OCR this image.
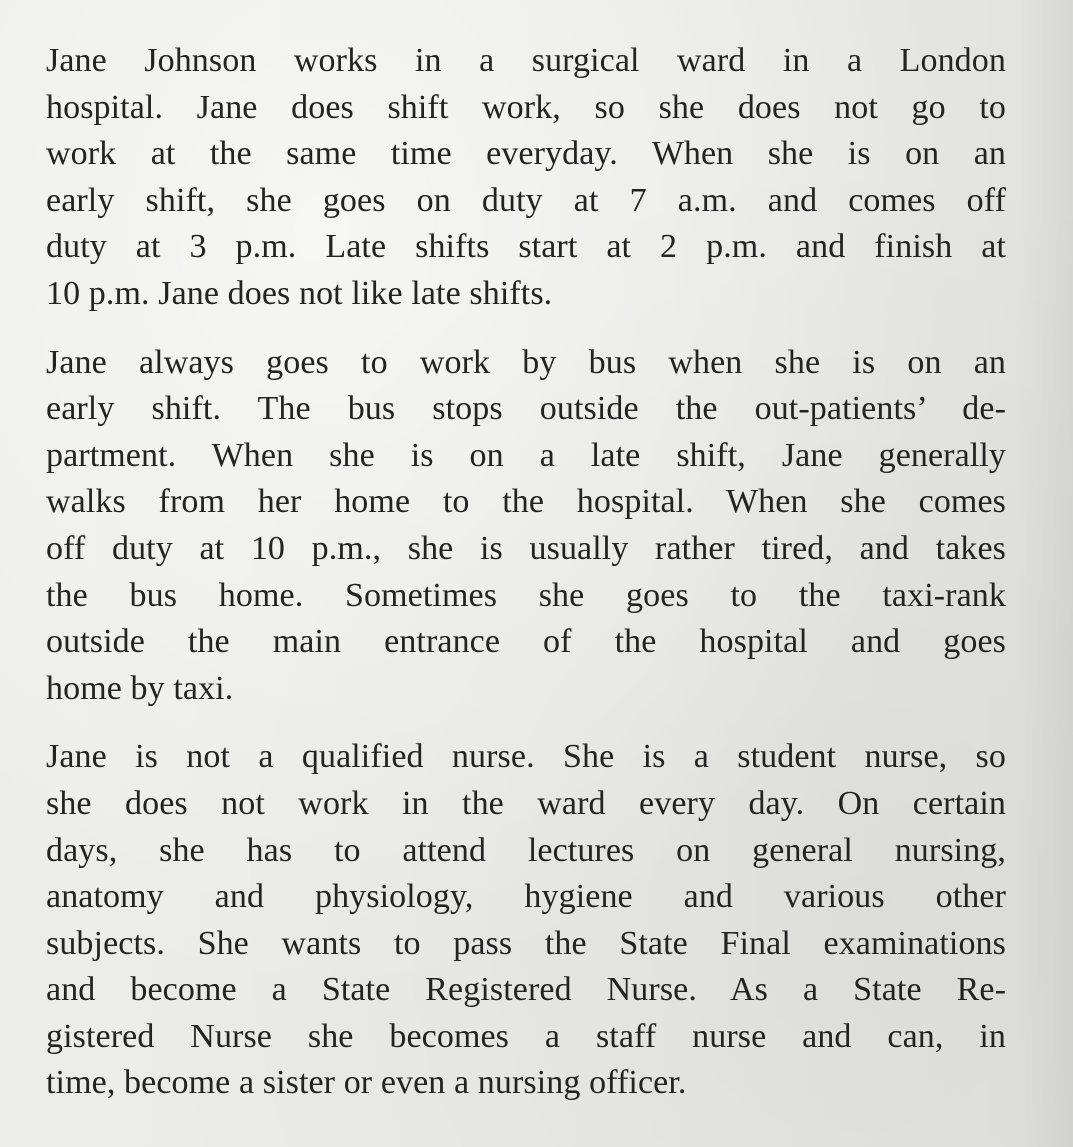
Jane Johnson works in a surgical ward in a London
hospital. Jane does shift work, so she does not go to
work at the same time everyday. When she is on an
early shift, she goes on duty at 7 a.m. and comes off
duty at 3 p.m. Late shifts start at 2 p.m. and finish at
10 p.m. Jane does not like late shifts.

Jane always goes to work by bus when she is on an
early shift. The bus stops outside the out-patients’ de-
partment. When she is on a late shift, Jane generally
walks from her home to the hospital. When she comes
off duty at 10 p.m., she is usually rather tired, and takes
the bus home. Sometimes she goes to the taxi-rank
outside the main entrance of the hospital and goes
home by taxi.

Jane is not a qualified nurse. She is a student nurse, so
she does not work in the ward every day. On certain
days, she has to attend lectures on general nursing,
anatomy and physiology, hygiene and various other
subjects. She wants to pass the State Final examinations
and become a State Registered Nurse. As a State Re-
gistered Nurse she becomes a staff nurse and can, in
time, become a sister or even a nursing officer.
